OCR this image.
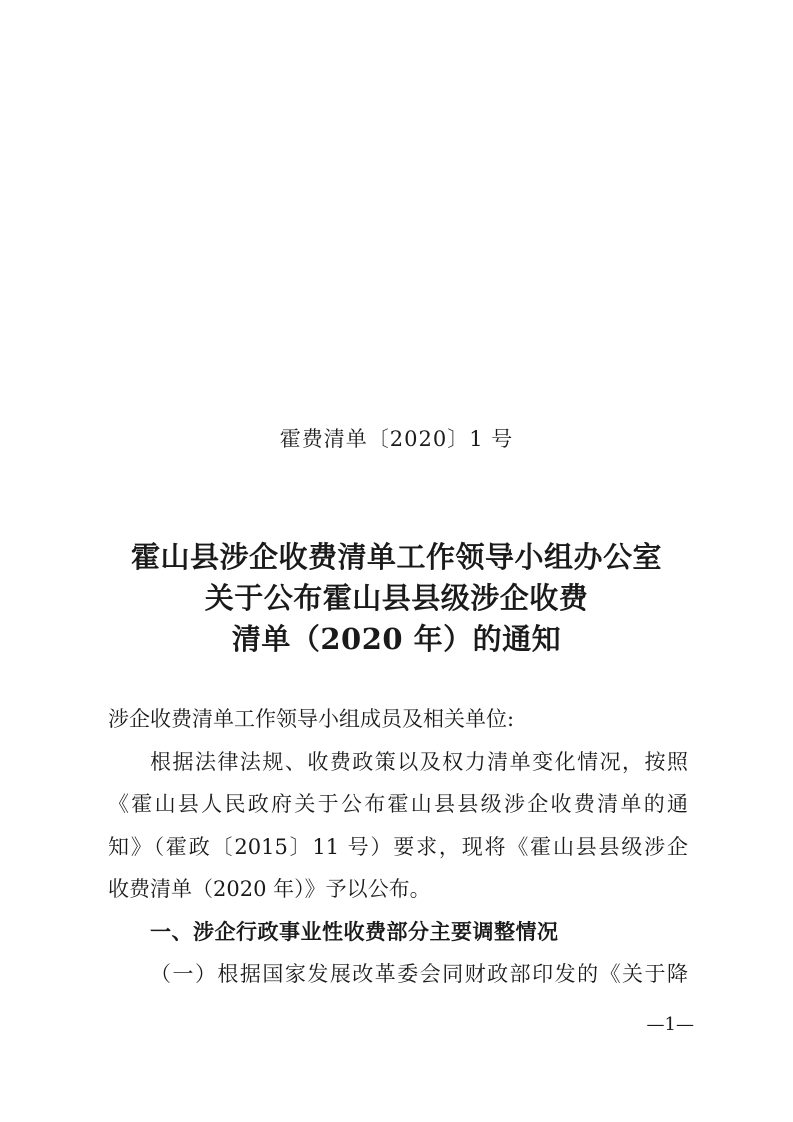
霍费清单〔2020〕1 号
霍山县涉企收费清单工作领导小组办公室
关于公布霍山县县级涉企收费
清单（2020 年）的通知
涉企收费清单工作领导小组成员及相关单位:
根据法律法规、收费政策以及权力清单变化情况，按照
《霍山县人民政府关于公布霍山县县级涉企收费清单的通
知》（霍政〔2015〕11 号）要求，现将《霍山县县级涉企
收费清单（2020 年）》予以公布。
一、涉企行政事业性收费部分主要调整情况
（一）根据国家发展改革委会同财政部印发的《关于降
—1—
